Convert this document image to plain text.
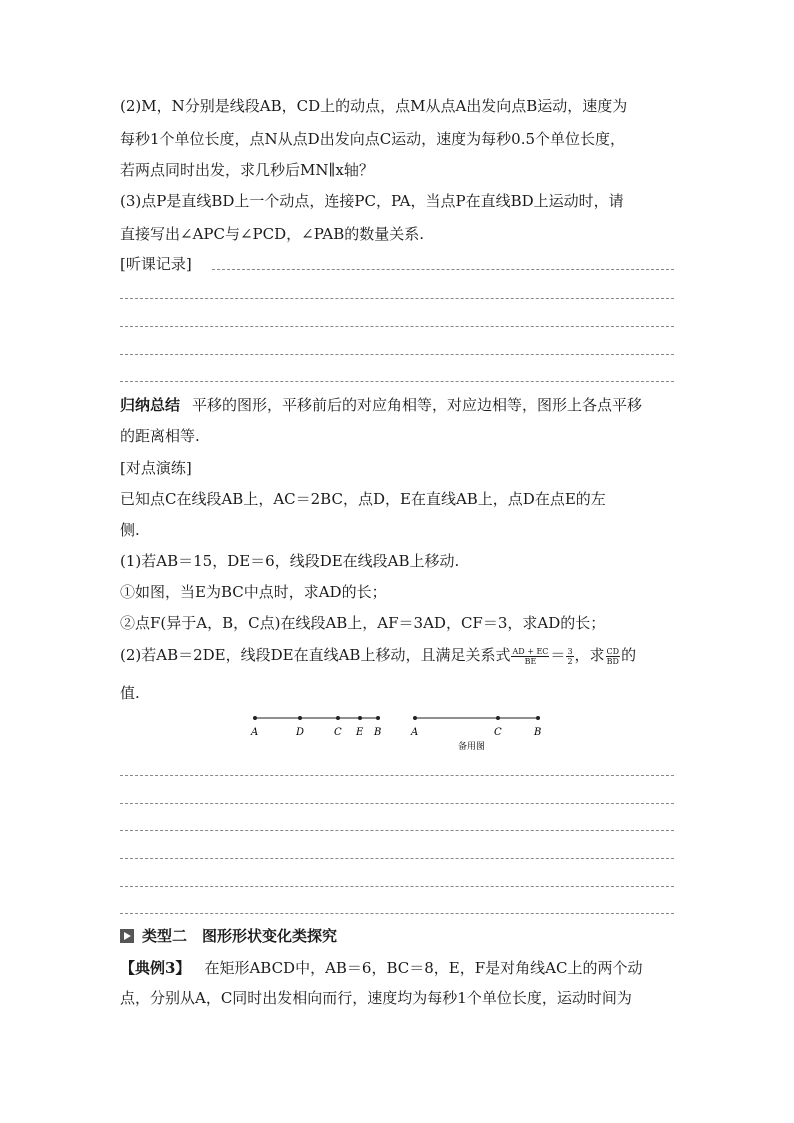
(2)M，N分别是线段AB，CD上的动点，点M从点A出发向点B运动，速度为
每秒1个单位长度，点N从点D出发向点C运动，速度为每秒0.5个单位长度，
若两点同时出发，求几秒后MN∥x轴？
(3)点P是直线BD上一个动点，连接PC，PA，当点P在直线BD上运动时，请
直接写出∠APC与∠PCD，∠PAB的数量关系.
[听课记录]
归纳总结 平移的图形，平移前后的对应角相等，对应边相等，图形上各点平移
的距离相等.
[对点演练]
已知点C在线段AB上，AC＝2BC，点D，E在直线AB上，点D在点E的左
侧.
(1)若AB＝15，DE＝6，线段DE在线段AB上移动.
①如图，当E为BC中点时，求AD的长；
②点F(异于A，B，C点)在线段AB上，AF＝3AD，CF＝3，求AD的长；
(2)若AB＝2DE，线段DE在直线AB上移动，且满足关系式 $\frac{AD + EC}{BE} = \frac{3}{2}$ ，求 $\frac{CD}{BD}$ 的
值.
A	D	C E B	A	C	B
备用图
类型二　图形形状变化类探究
【典例3】 在矩形ABCD中，AB＝6，BC＝8，E，F是对角线AC上的两个动
点，分别从A，C同时出发相向而行，速度均为每秒1个单位长度，运动时间为
